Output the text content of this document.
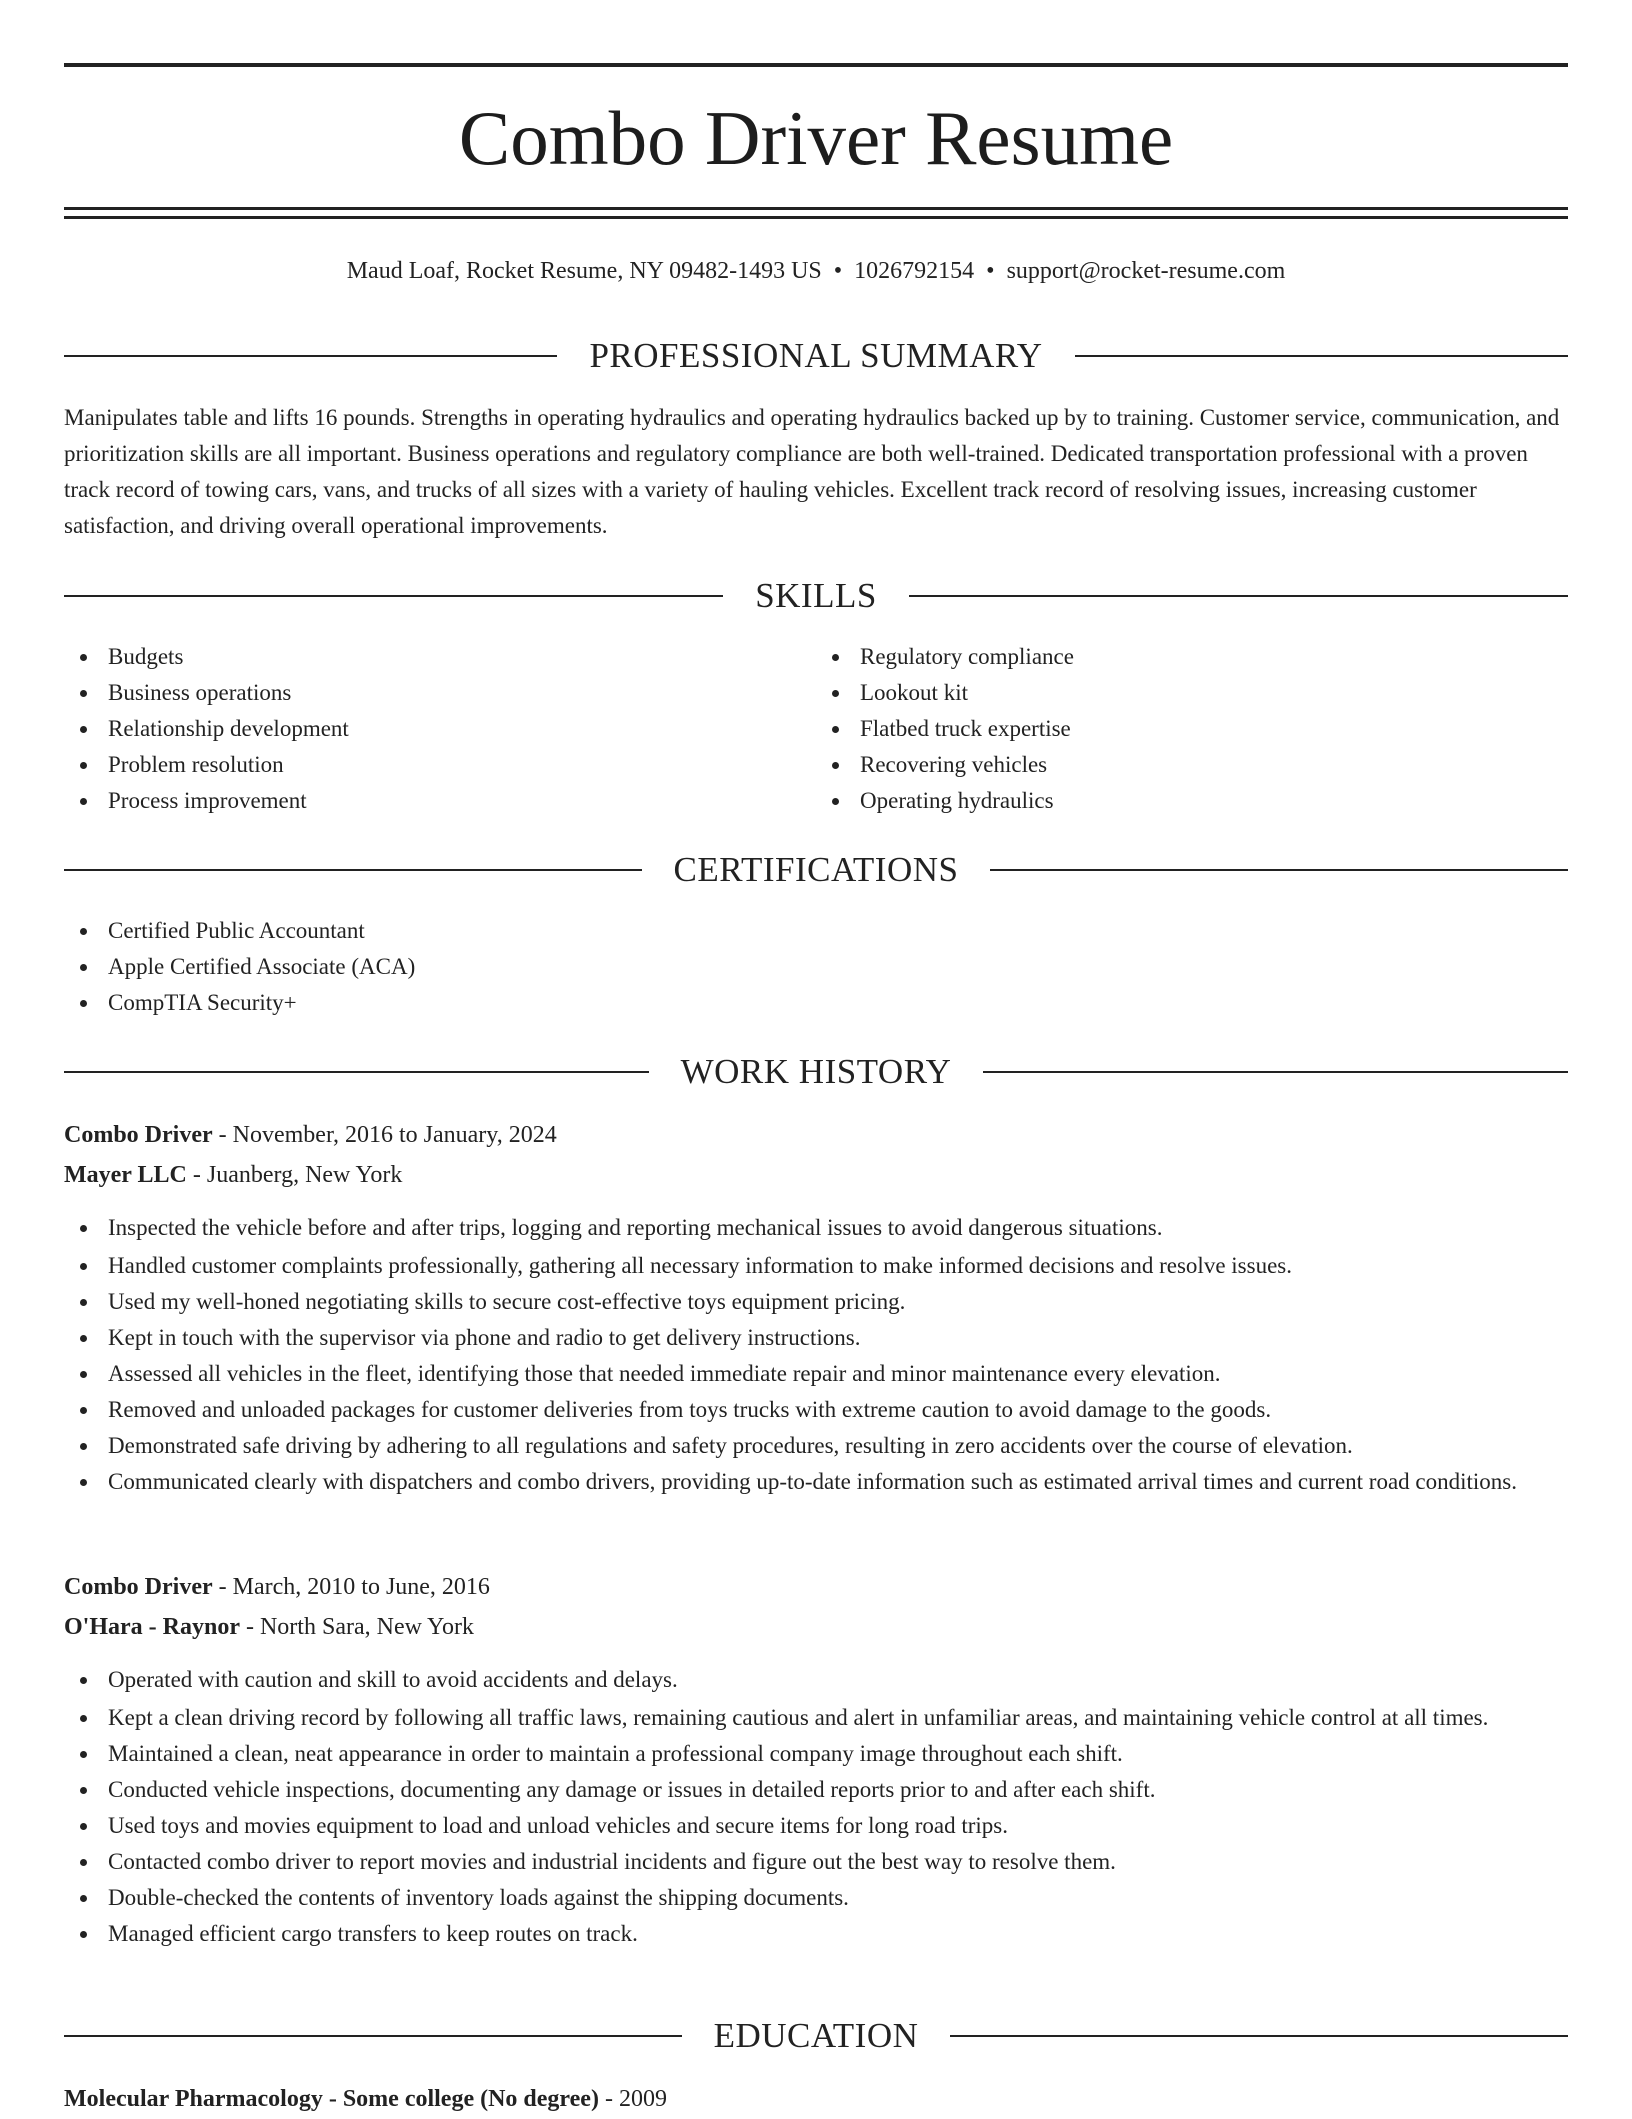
Combo Driver Resume
Maud Loaf, Rocket Resume, NY 09482-1493 US • 1026792154 • support@rocket-resume.com
PROFESSIONAL SUMMARY

Manipulates table and lifts 16 pounds. Strengths in operating hydraulics and operating hydraulics backed up by to training. Customer service, communication, and prioritization skills are all important. Business operations and regulatory compliance are both well-trained. Dedicated transportation professional with a proven track record of towing cars, vans, and trucks of all sizes with a variety of hauling vehicles. Excellent track record of resolving issues, increasing customer satisfaction, and driving overall operational improvements.

SKILLS
Budgets
Business operations
Relationship development
Problem resolution
Process improvement
Regulatory compliance
Lookout kit
Flatbed truck expertise
Recovering vehicles
Operating hydraulics
CERTIFICATIONS
Certified Public Accountant
Apple Certified Associate (ACA)
CompTIA Security+
WORK HISTORY
Combo Driver - November, 2016 to January, 2024
Mayer LLC - Juanberg, New York
Inspected the vehicle before and after trips, logging and reporting mechanical issues to avoid dangerous situations.
Handled customer complaints professionally, gathering all necessary information to make informed decisions and resolve issues.
Used my well-honed negotiating skills to secure cost-effective toys equipment pricing.
Kept in touch with the supervisor via phone and radio to get delivery instructions.
Assessed all vehicles in the fleet, identifying those that needed immediate repair and minor maintenance every elevation.
Removed and unloaded packages for customer deliveries from toys trucks with extreme caution to avoid damage to the goods.
Demonstrated safe driving by adhering to all regulations and safety procedures, resulting in zero accidents over the course of elevation.
Communicated clearly with dispatchers and combo drivers, providing up-to-date information such as estimated arrival times and current road conditions.
Combo Driver - March, 2010 to June, 2016
O'Hara - Raynor - North Sara, New York
Operated with caution and skill to avoid accidents and delays.
Kept a clean driving record by following all traffic laws, remaining cautious and alert in unfamiliar areas, and maintaining vehicle control at all times.
Maintained a clean, neat appearance in order to maintain a professional company image throughout each shift.
Conducted vehicle inspections, documenting any damage or issues in detailed reports prior to and after each shift.
Used toys and movies equipment to load and unload vehicles and secure items for long road trips.
Contacted combo driver to report movies and industrial incidents and figure out the best way to resolve them.
Double-checked the contents of inventory loads against the shipping documents.
Managed efficient cargo transfers to keep routes on track.
EDUCATION
Molecular Pharmacology - Some college (No degree) - 2009
